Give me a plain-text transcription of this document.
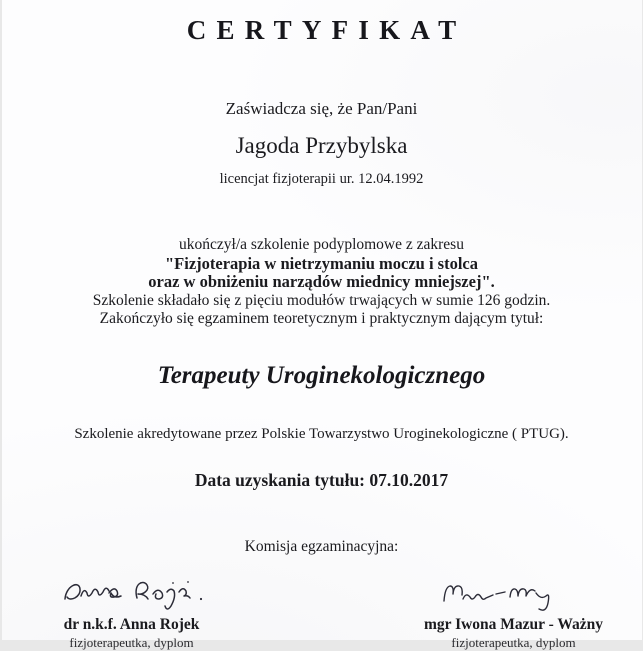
CERTYFIKAT
Zaświadcza się, że Pan/Pani
Jagoda Przybylska
licencjat fizjoterapii ur. 12.04.1992
ukończył/a szkolenie podyplomowe z zakresu
"Fizjoterapia w nietrzymaniu moczu i stolca
oraz w obniżeniu narządów miednicy mniejszej".
Szkolenie składało się z pięciu modułów trwających w sumie 126 godzin.
Zakończyło się egzaminem teoretycznym i praktycznym dającym tytuł:
Terapeuty Uroginekologicznego
Szkolenie akredytowane przez Polskie Towarzystwo Uroginekologiczne ( PTUG).
Data uzyskania tytułu: 07.10.2017
Komisja egzaminacyjna:
dr n.k.f. Anna Rojek	mgr Iwona Mazur - Ważny
fizjoterapeutka, dyplom	fizjoterapeutka, dyplom
